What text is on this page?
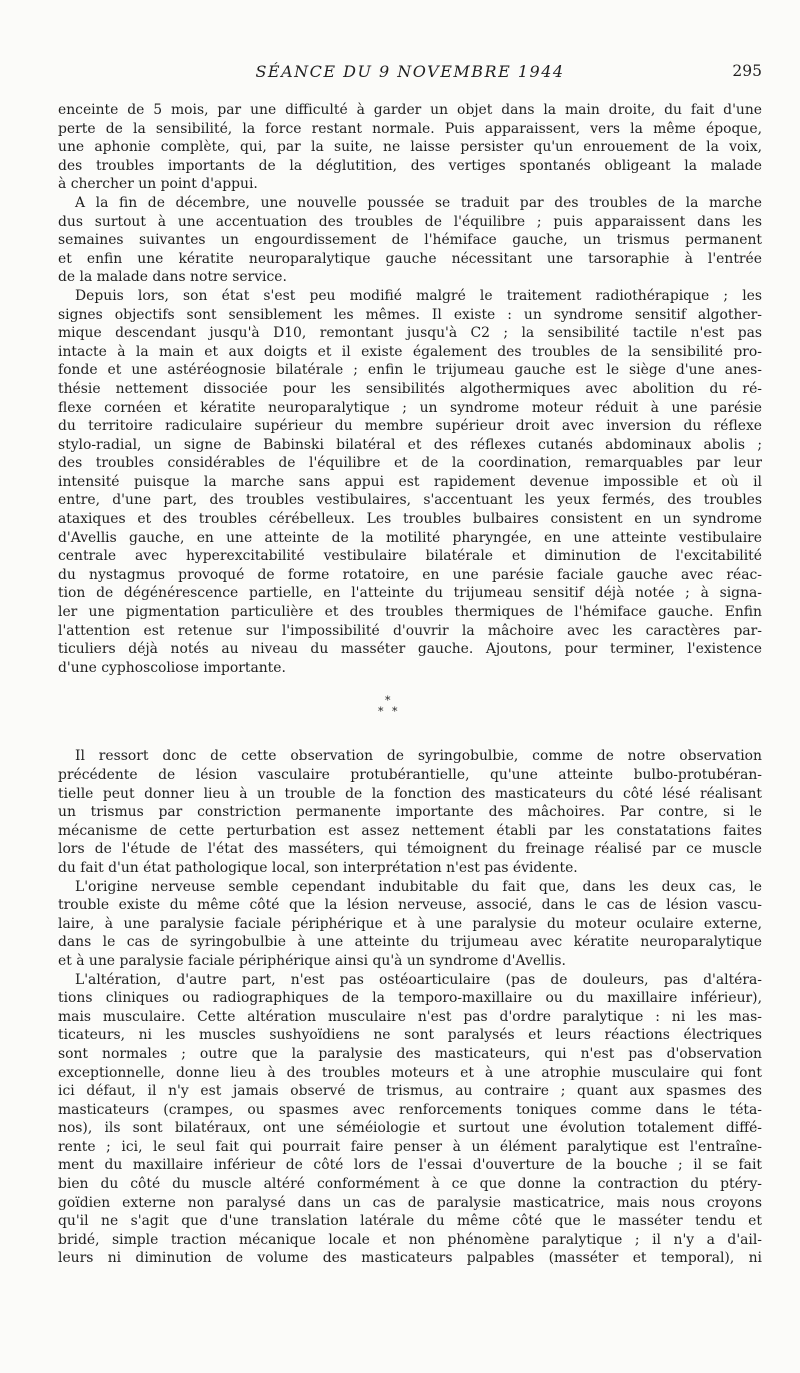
SÉANCE DU 9 NOVEMBRE 1944	295
enceinte de 5 mois, par une difficulté à garder un objet dans la main droite, du fait d'une
perte de la sensibilité, la force restant normale. Puis apparaissent, vers la même époque,
une aphonie complète, qui, par la suite, ne laisse persister qu'un enrouement de la voix,
des troubles importants de la déglutition, des vertiges spontanés obligeant la malade
à chercher un point d'appui.
A la fin de décembre, une nouvelle poussée se traduit par des troubles de la marche
dus surtout à une accentuation des troubles de l'équilibre ; puis apparaissent dans les
semaines suivantes un engourdissement de l'hémiface gauche, un trismus permanent
et enfin une kératite neuroparalytique gauche nécessitant une tarsoraphie à l'entrée
de la malade dans notre service.
Depuis lors, son état s'est peu modifié malgré le traitement radiothérapique ; les
signes objectifs sont sensiblement les mêmes. Il existe : un syndrome sensitif algother-
mique descendant jusqu'à D10, remontant jusqu'à C2 ; la sensibilité tactile n'est pas
intacte à la main et aux doigts et il existe également des troubles de la sensibilité pro-
fonde et une astéréognosie bilatérale ; enfin le trijumeau gauche est le siège d'une anes-
thésie nettement dissociée pour les sensibilités algothermiques avec abolition du ré-
flexe cornéen et kératite neuroparalytique ; un syndrome moteur réduit à une parésie
du territoire radiculaire supérieur du membre supérieur droit avec inversion du réflexe
stylo-radial, un signe de Babinski bilatéral et des réflexes cutanés abdominaux abolis ;
des troubles considérables de l'équilibre et de la coordination, remarquables par leur
intensité puisque la marche sans appui est rapidement devenue impossible et où il
entre, d'une part, des troubles vestibulaires, s'accentuant les yeux fermés, des troubles
ataxiques et des troubles cérébelleux. Les troubles bulbaires consistent en un syndrome
d'Avellis gauche, en une atteinte de la motilité pharyngée, en une atteinte vestibulaire
centrale avec hyperexcitabilité vestibulaire bilatérale et diminution de l'excitabilité
du nystagmus provoqué de forme rotatoire, en une parésie faciale gauche avec réac-
tion de dégénérescence partielle, en l'atteinte du trijumeau sensitif déjà notée ; à signa-
ler une pigmentation particulière et des troubles thermiques de l'hémiface gauche. Enfin
l'attention est retenue sur l'impossibilité d'ouvrir la mâchoire avec les caractères par-
ticuliers déjà notés au niveau du masséter gauche. Ajoutons, pour terminer, l'existence
d'une cyphoscoliose importante.
*
* *
Il ressort donc de cette observation de syringobulbie, comme de notre observation
précédente de lésion vasculaire protubérantielle, qu'une atteinte bulbo-protubéran-
tielle peut donner lieu à un trouble de la fonction des masticateurs du côté lésé réalisant
un trismus par constriction permanente importante des mâchoires. Par contre, si le
mécanisme de cette perturbation est assez nettement établi par les constatations faites
lors de l'étude de l'état des masséters, qui témoignent du freinage réalisé par ce muscle
du fait d'un état pathologique local, son interprétation n'est pas évidente.
L'origine nerveuse semble cependant indubitable du fait que, dans les deux cas, le
trouble existe du même côté que la lésion nerveuse, associé, dans le cas de lésion vascu-
laire, à une paralysie faciale périphérique et à une paralysie du moteur oculaire externe,
dans le cas de syringobulbie à une atteinte du trijumeau avec kératite neuroparalytique
et à une paralysie faciale périphérique ainsi qu'à un syndrome d'Avellis.
L'altération, d'autre part, n'est pas ostéoarticulaire (pas de douleurs, pas d'altéra-
tions cliniques ou radiographiques de la temporo-maxillaire ou du maxillaire inférieur),
mais musculaire. Cette altération musculaire n'est pas d'ordre paralytique : ni les mas-
ticateurs, ni les muscles sushyoïdiens ne sont paralysés et leurs réactions électriques
sont normales ; outre que la paralysie des masticateurs, qui n'est pas d'observation
exceptionnelle, donne lieu à des troubles moteurs et à une atrophie musculaire qui font
ici défaut, il n'y est jamais observé de trismus, au contraire ; quant aux spasmes des
masticateurs (crampes, ou spasmes avec renforcements toniques comme dans le téta-
nos), ils sont bilatéraux, ont une séméiologie et surtout une évolution totalement diffé-
rente ; ici, le seul fait qui pourrait faire penser à un élément paralytique est l'entraîne-
ment du maxillaire inférieur de côté lors de l'essai d'ouverture de la bouche ; il se fait
bien du côté du muscle altéré conformément à ce que donne la contraction du ptéry-
goïdien externe non paralysé dans un cas de paralysie masticatrice, mais nous croyons
qu'il ne s'agit que d'une translation latérale du même côté que le masséter tendu et
bridé, simple traction mécanique locale et non phénomène paralytique ; il n'y a d'ail-
leurs ni diminution de volume des masticateurs palpables (masséter et temporal), ni
